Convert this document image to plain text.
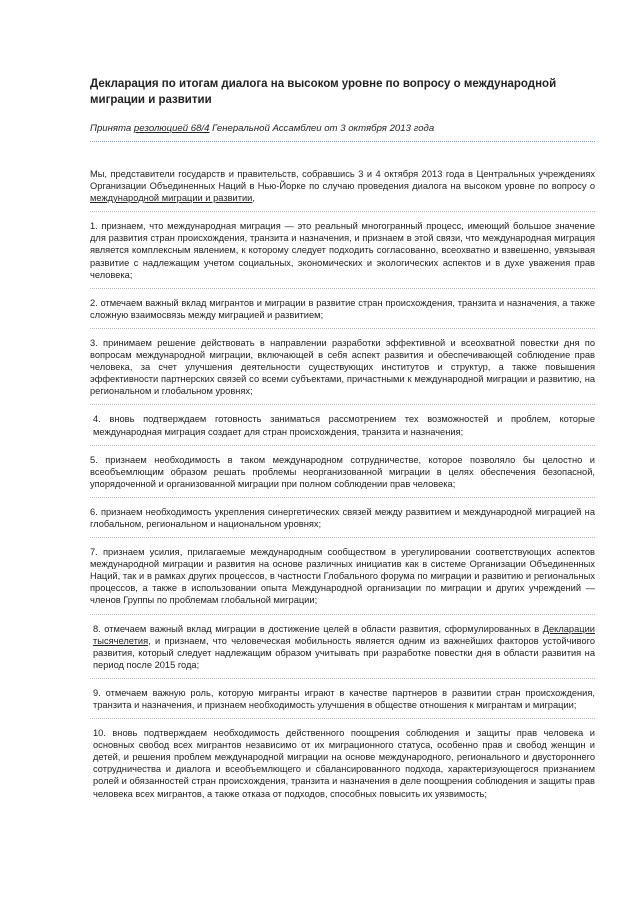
Декларация по итогам диалога на высоком уровне по вопросу о международной миграции и развитии

Принята резолюцией 68/4 Генеральной Ассамблеи от 3 октября 2013 года

Мы, представители государств и правительств, собравшись 3 и 4 октября 2013 года в Центральных учреждениях Организации Объединенных Наций в Нью-Йорке по случаю проведения диалога на высоком уровне по вопросу о международной миграции и развитии,

1. признаем, что международная миграция — это реальный многогранный процесс, имеющий большое значение для развития стран происхождения, транзита и назначения, и признаем в этой связи, что международная миграция является комплексным явлением, к которому следует подходить согласованно, всеохватно и взвешенно, увязывая развитие с надлежащим учетом социальных, экономических и экологических аспектов и в духе уважения прав человека;

2. отмечаем важный вклад мигрантов и миграции в развитие стран происхождения, транзита и назначения, а также сложную взаимосвязь между миграцией и развитием;

3. принимаем решение действовать в направлении разработки эффективной и всеохватной повестки дня по вопросам международной миграции, включающей в себя аспект развития и обеспечивающей соблюдение прав человека, за счет улучшения деятельности существующих институтов и структур, а также повышения эффективности партнерских связей со всеми субъектами, причастными к международной миграции и развитию, на региональном и глобальном уровнях;

4. вновь подтверждаем готовность заниматься рассмотрением тех возможностей и проблем, которые международная миграция создает для стран происхождения, транзита и назначения;

5. признаем необходимость в таком международном сотрудничестве, которое позволяло бы целостно и всеобъемлющим образом решать проблемы неорганизованной миграции в целях обеспечения безопасной, упорядоченной и организованной миграции при полном соблюдении прав человека;

6. признаем необходимость укрепления синергетических связей между развитием и международной миграцией на глобальном, региональном и национальном уровнях;

7. признаем усилия, прилагаемые международным сообществом в урегулировании соответствующих аспектов международной миграции и развития на основе различных инициатив как в системе Организации Объединенных Наций, так и в рамках других процессов, в частности Глобального форума по миграции и развитию и региональных процессов, а также в использовании опыта Международной организации по миграции и других учреждений — членов Группы по проблемам глобальной миграции;

8. отмечаем важный вклад миграции в достижение целей в области развития, сформулированных в Декларации тысячелетия, и признаем, что человеческая мобильность является одним из важнейших факторов устойчивого развития, который следует надлежащим образом учитывать при разработке повестки дня в области развития на период после 2015 года;

9. отмечаем важную роль, которую мигранты играют в качестве партнеров в развитии стран происхождения, транзита и назначения, и признаем необходимость улучшения в обществе отношения к мигрантам и миграции;

10. вновь подтверждаем необходимость действенного поощрения соблюдения и защиты прав человека и основных свобод всех мигрантов независимо от их миграционного статуса, особенно прав и свобод женщин и детей, и решения проблем международной миграции на основе международного, регионального и двустороннего сотрудничества и диалога и всеобъемлющего и сбалансированного подхода, характеризующегося признанием ролей и обязанностей стран происхождения, транзита и назначения в деле поощрения соблюдения и защиты прав человека всех мигрантов, а также отказа от подходов, способных повысить их уязвимость;
